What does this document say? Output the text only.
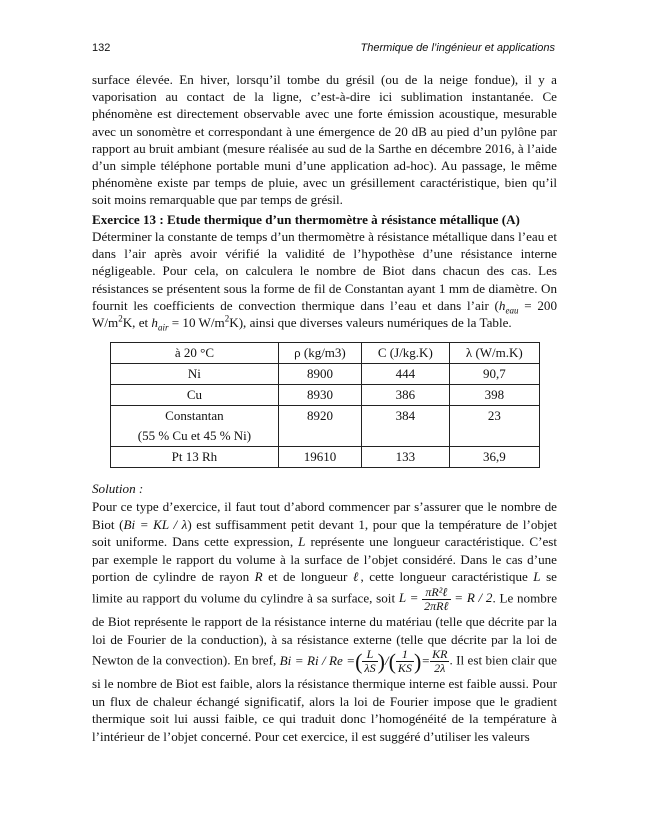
132	Thermique de l’ingénieur et applications

surface élevée. En hiver, lorsqu’il tombe du grésil (ou de la neige fondue), il y a vaporisation au contact de la ligne, c’est-à-dire ici sublimation instantanée. Ce phénomène est directement observable avec une forte émission acoustique, mesurable avec un sonomètre et correspondant à une émergence de 20 dB au pied d’un pylône par rapport au bruit ambiant (mesure réalisée au sud de la Sarthe en décembre 2016, à l’aide d’un simple téléphone portable muni d’une application ad-hoc). Au passage, le même phénomène existe par temps de pluie, avec un grésillement caractéristique, bien qu’il soit moins remarquable que par temps de grésil.

Exercice 13 : Etude thermique d’un thermomètre à résistance métallique (A)

Déterminer la constante de temps d’un thermomètre à résistance métallique dans l’eau et dans l’air après avoir vérifié la validité de l’hypothèse d’une résistance interne négligeable. Pour cela, on calculera le nombre de Biot dans chacun des cas. Les résistances se présentent sous la forme de fil de Constantan ayant 1 mm de diamètre. On fournit les coefficients de convection thermique dans l’eau et dans l’air ($h_{eau} = 200$ $W/m^2K$, et $h_{air} = 10$ $W/m^2K$), ainsi que diverses valeurs numériques de la Table.

à 20 °C	ρ (kg/m3)	C (J/kg.K)	λ (W/m.K)
Ni	8900	444	90,7
Cu	8930	386	398
Constantan	8920	384	23
(55 % Cu et 45 % Ni)			
Pt 13 Rh	19610	133	36,9

Solution :

Pour ce type d’exercice, il faut tout d’abord commencer par s’assurer que le nombre de Biot (Bi = KL / λ) est suffisamment petit devant 1, pour que la température de l’objet soit uniforme. Dans cette expression, L représente une longueur caractéristique. C’est par exemple le rapport du volume à la surface de l’objet considéré. Dans le cas d’une portion de cylindre de rayon R et de longueur ℓ, cette longueur caractéristique L se limite au rapport du volume du cylindre à sa surface, soit $L = \frac{\text{πR²ℓ}}{\text{2πRℓ}} = R / 2$. Le nombre de Biot représente le rapport de la résistance interne du matériau (telle que décrite par la loi de Fourier de la conduction), à sa résistance externe (telle que décrite par la loi de Newton de la convection). En bref, Bi = Ri / Re =( $\frac{L}{\lambda S}$ )/( $\frac{1}{KS}$ )= $\frac{KR}{2\lambda}$ . Il est bien clair que si le nombre de Biot est faible, alors la résistance thermique interne est faible aussi. Pour un flux de chaleur échangé significatif, alors la loi de Fourier impose que le gradient thermique soit lui aussi faible, ce qui traduit donc l’homogénéité de la température à l’intérieur de l’objet concerné. Pour cet exercice, il est suggéré d’utiliser les valeurs
